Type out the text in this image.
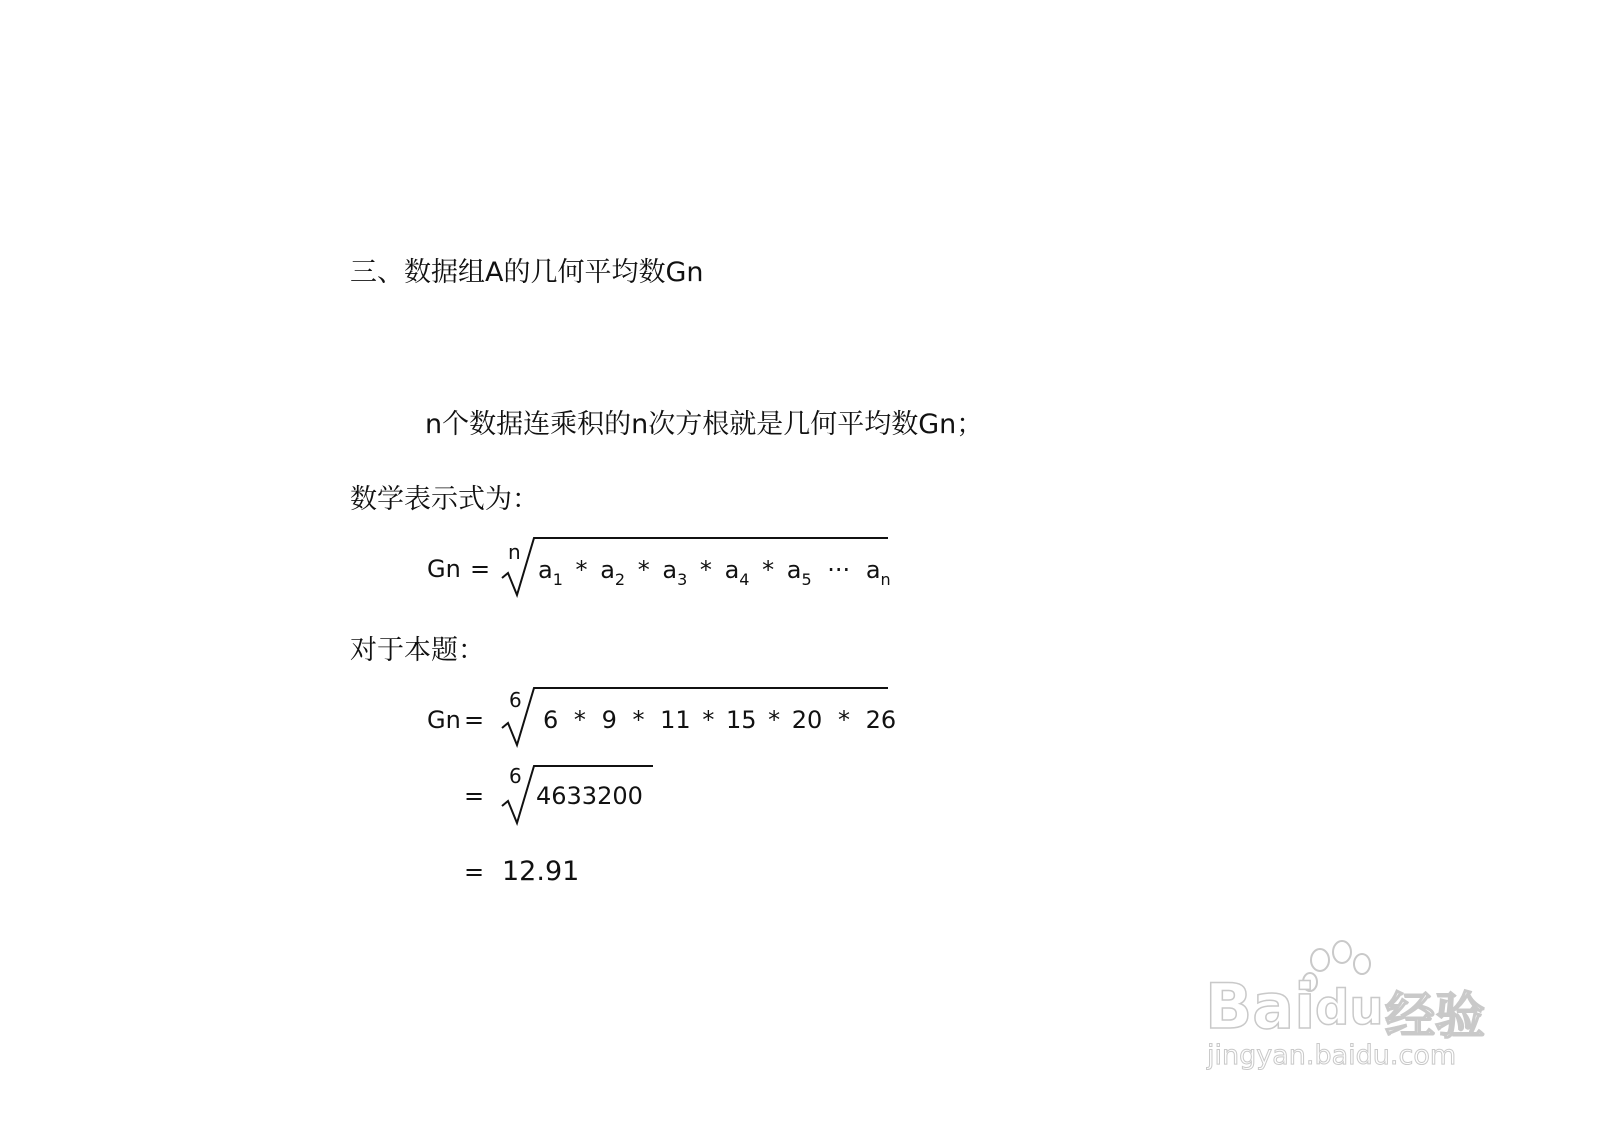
三、数据组A的几何平均数Gn
n个数据连乘积的n次方根就是几何平均数Gn；
数学表示式为：
Gn =
n
$a_1 * a_2 * a_3 * a_4 * a_5$ ··· $a_n$
对于本题：
Gn =
6
6 * 9 * 11 * 15 * 20 * 26
=
6
4633200
= 12.91
Bai du 经验
jingyan.baidu.com
